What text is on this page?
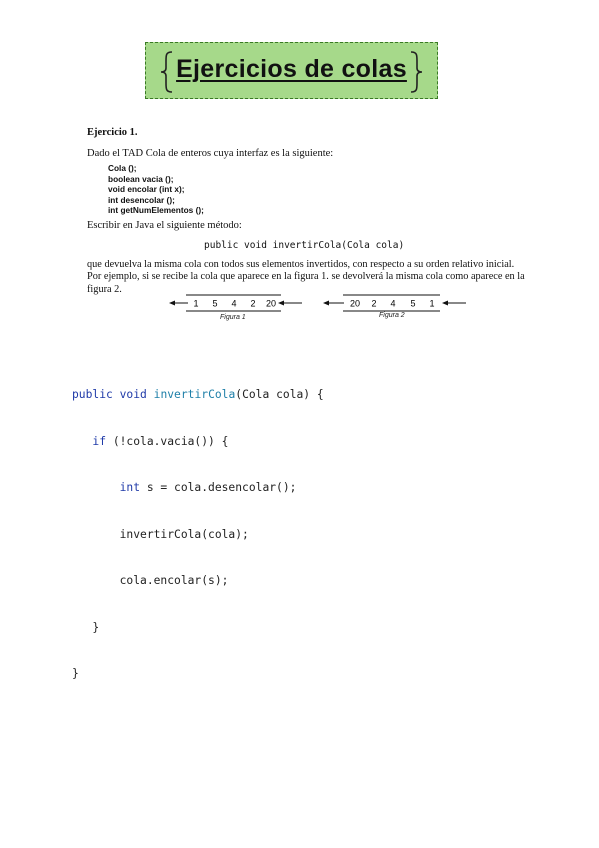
Ejercicios de colas
Ejercicio 1.
Dado el TAD Cola de enteros cuya interfaz es la siguiente:
Cola ();
boolean vacia ();
void encolar (int x);
int desencolar ();
int getNumElementos ();
Escribir en Java el siguiente método:
public void invertirCola(Cola cola)
que devuelva la misma cola con todos sus elementos invertidos, con respecto a su orden relativo inicial. Por ejemplo, si se recibe la cola que aparece en la figura 1. se devolverá la misma cola como aparece en la figura 2.
1 5 4 2 20
Figura 1
20 2 4 5 1
Figura 2

public void invertirCola(Cola cola) {

if (!cola.vacia()) {

int s = cola.desencolar();

invertirCola(cola);

cola.encolar(s);

}

}
